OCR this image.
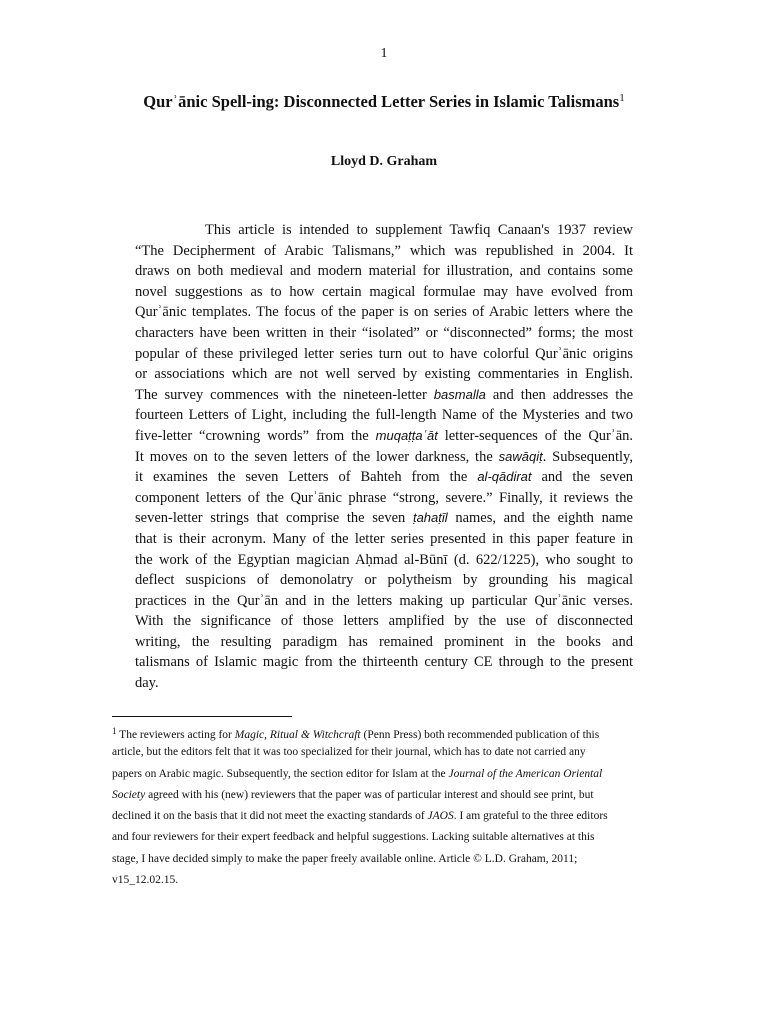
1
Qurʾānic Spell-ing: Disconnected Letter Series in Islamic Talismans$^1$
Lloyd D. Graham
This article is intended to supplement Tawfiq Canaan's 1937 review
“The Decipherment of Arabic Talismans,” which was republished in 2004. It
draws on both medieval and modern material for illustration, and contains some
novel suggestions as to how certain magical formulae may have evolved from
Qurʾānic templates. The focus of the paper is on series of Arabic letters where the
characters have been written in their “isolated” or “disconnected” forms; the most
popular of these privileged letter series turn out to have colorful Qurʾānic origins
or associations which are not well served by existing commentaries in English.
The survey commences with the nineteen-letter basmalla and then addresses the
fourteen Letters of Light, including the full-length Name of the Mysteries and two
five-letter “crowning words” from the muqaṭṭaʿāt letter-sequences of the Qurʾān.
It moves on to the seven letters of the lower darkness, the sawāqiṭ. Subsequently,
it examines the seven Letters of Bahteh from the al-qādirat and the seven
component letters of the Qurʾānic phrase “strong, severe.” Finally, it reviews the
seven-letter strings that comprise the seven ṭahaṭīl names, and the eighth name
that is their acronym. Many of the letter series presented in this paper feature in
the work of the Egyptian magician Aḥmad al-Būnī (d. 622/1225), who sought to
deflect suspicions of demonolatry or polytheism by grounding his magical
practices in the Qurʾān and in the letters making up particular Qurʾānic verses.
With the significance of those letters amplified by the use of disconnected
writing, the resulting paradigm has remained prominent in the books and
talismans of Islamic magic from the thirteenth century CE through to the present
day.
$^1$ The reviewers acting for Magic, Ritual & Witchcraft (Penn Press) both recommended publication of this
article, but the editors felt that it was too specialized for their journal, which has to date not carried any
papers on Arabic magic. Subsequently, the section editor for Islam at the Journal of the American Oriental
Society agreed with his (new) reviewers that the paper was of particular interest and should see print, but
declined it on the basis that it did not meet the exacting standards of JAOS. I am grateful to the three editors
and four reviewers for their expert feedback and helpful suggestions. Lacking suitable alternatives at this
stage, I have decided simply to make the paper freely available online. Article © L.D. Graham, 2011;
v15_12.02.15.
